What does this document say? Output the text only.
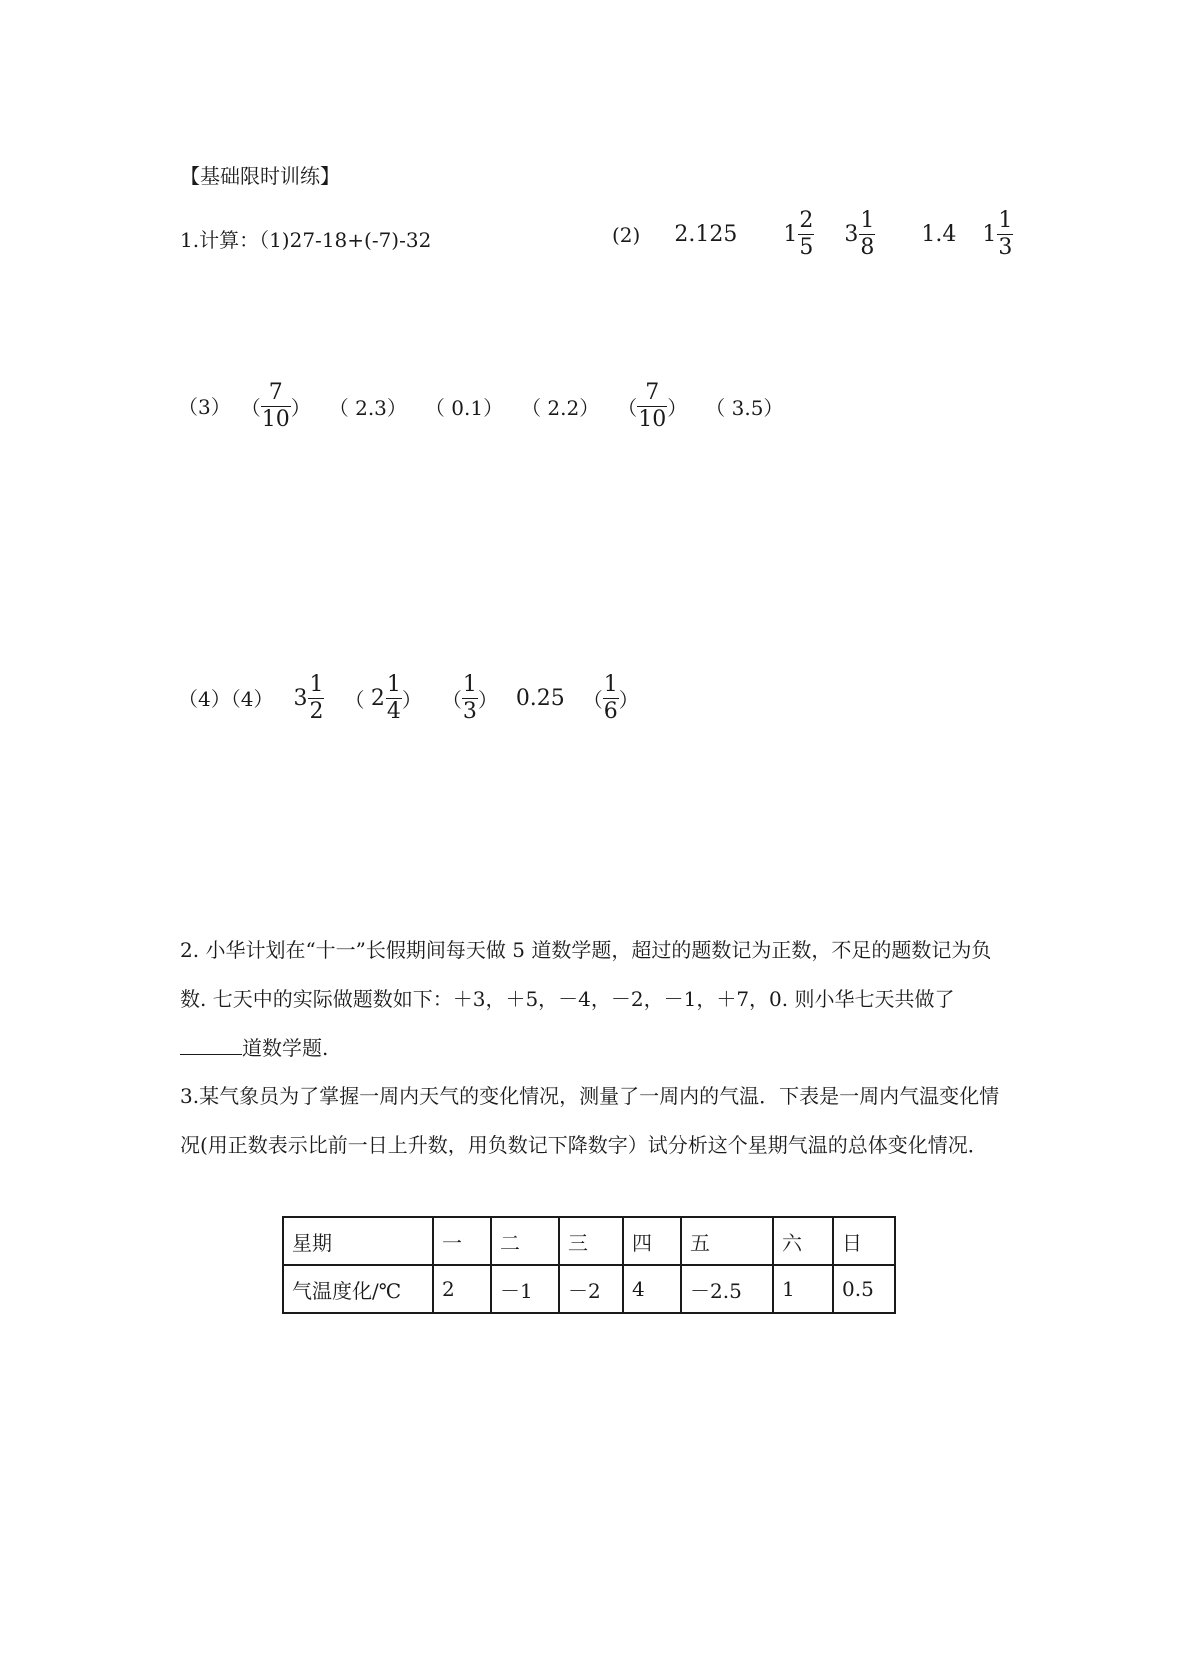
【基础限时训练】
1.计算：（1)27-18+(-7)-32	(2) 2.125 $1 \frac{2}{5} 3 \frac{1}{8} 1.4$ $1 \frac{1}{3}$
（3） （ $\frac{7}{10}$ ） （ 2.3） （ 0.1） （ 2.2） （ $\frac{7}{10}$ ） （ 3.5）
（4）（4） $3 \frac{1}{2}$ （ $2 \frac{1}{4}$ ） （ $\frac{1}{3}$ ） 0.25 （ $\frac{1}{6}$ ）
2. 小华计划在“十一”长假期间每天做 5 道数学题，超过的题数记为正数，不足的题数记为负数. 七天中的实际做题数如下：＋3，＋5，－4，－2，－1，＋7，0. 则小华七天共做了
道数学题.
3.某气象员为了掌握一周内天气的变化情况，测量了一周内的气温．下表是一周内气温变化情况(用正数表示比前一日上升数，用负数记下降数字）试分析这个星期气温的总体变化情况．
星期	一	二	三	四	五	六	日
气温度化/℃	2	－1	－2	4	－2.5	1	0.5
